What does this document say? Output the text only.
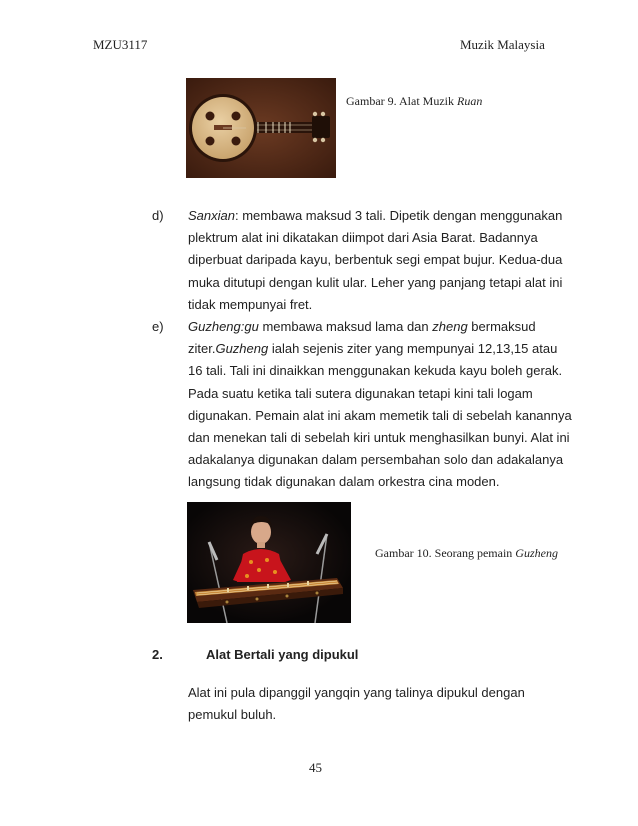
MZU3117	Muzik Malaysia
Gambar 9. Alat Muzik Ruan
d) Sanxian: membawa maksud 3 tali. Dipetik dengan menggunakan plektrum alat ini dikatakan diimpot dari Asia Barat. Badannya diperbuat daripada kayu, berbentuk segi empat bujur. Kedua-dua muka ditutupi dengan kulit ular. Leher yang panjang tetapi alat ini tidak mempunyai fret.
e) Guzheng:gu membawa maksud lama dan zheng bermaksud ziter.Guzheng ialah sejenis ziter yang mempunyai 12,13,15 atau 16 tali. Tali ini dinaikkan menggunakan kekuda kayu boleh gerak. Pada suatu ketika tali sutera digunakan tetapi kini tali logam digunakan. Pemain alat ini akam memetik tali di sebelah kanannya dan menekan tali di sebelah kiri untuk menghasilkan bunyi. Alat ini adakalanya digunakan dalam persembahan solo dan adakalanya langsung tidak digunakan dalam orkestra cina moden.
Gambar 10. Seorang pemain Guzheng
2.	Alat Bertali yang dipukul
Alat ini pula dipanggil yangqin yang talinya dipukul dengan pemukul buluh.
45
